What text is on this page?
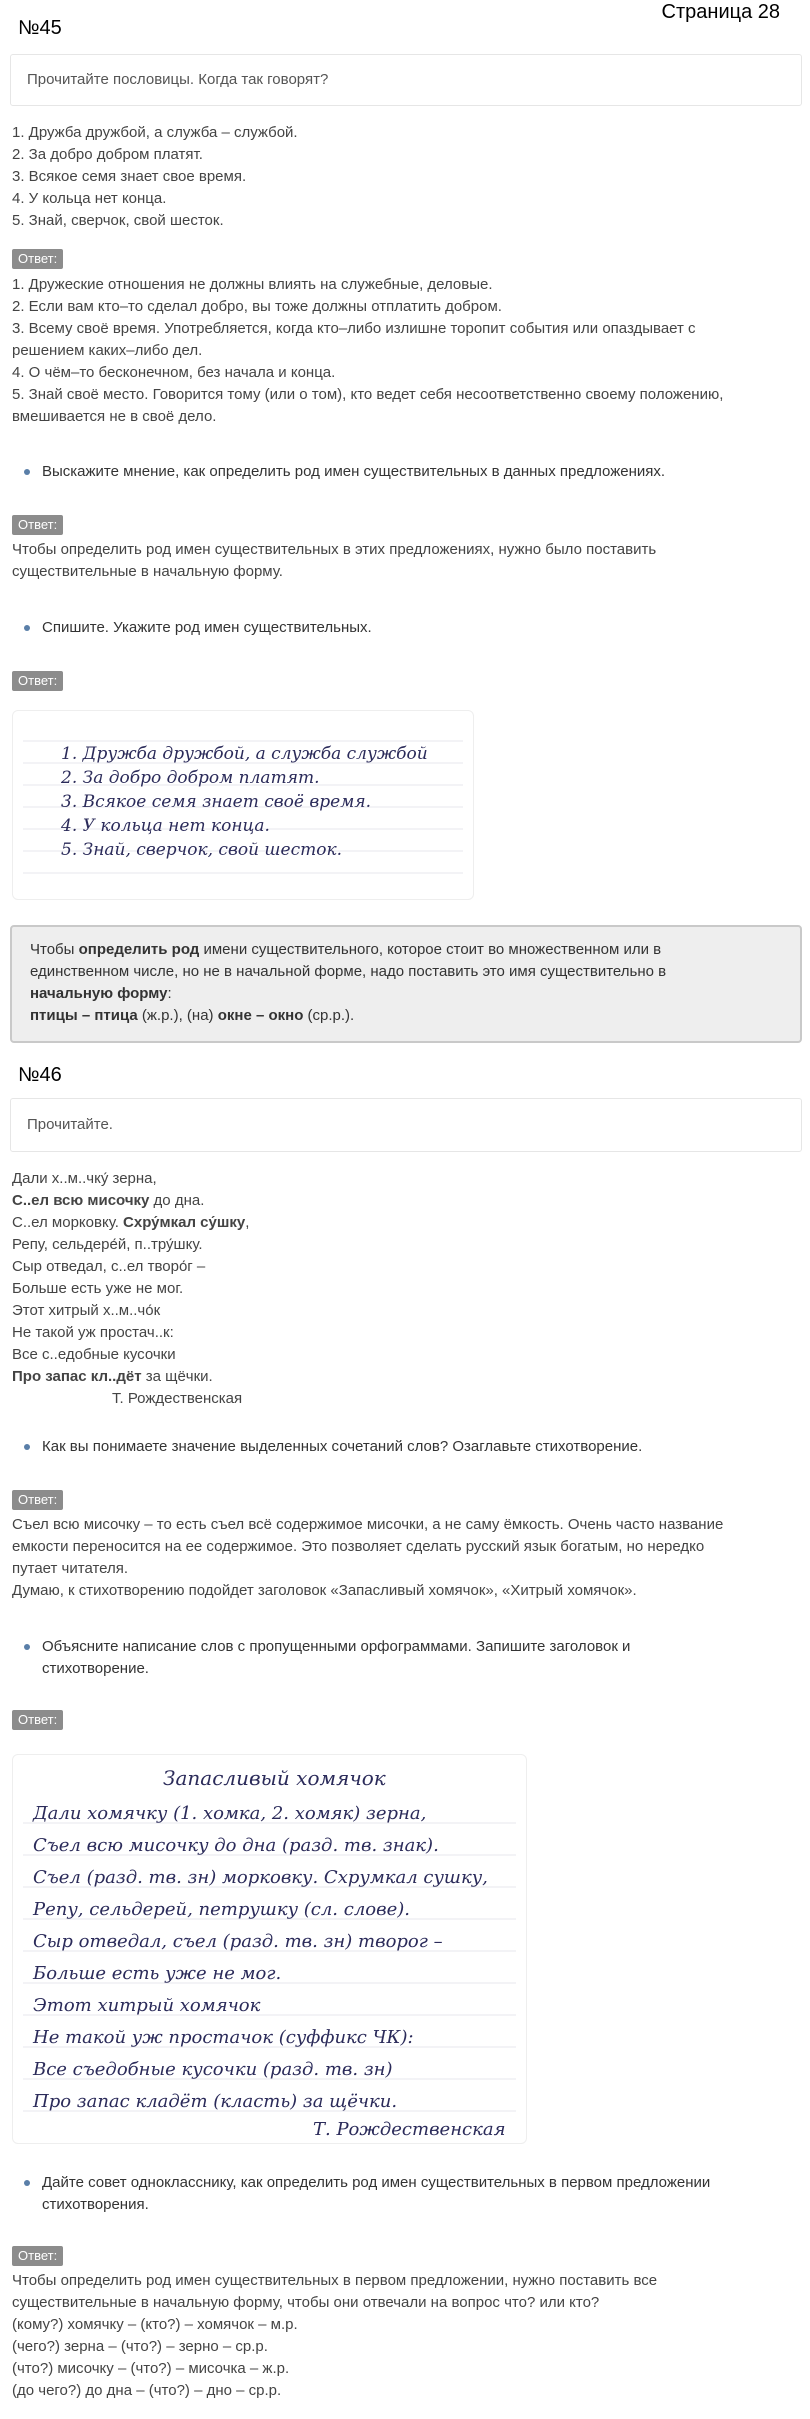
Страница 28
№45
Прочитайте пословицы. Когда так говорят?
1. Дружба дружбой, а служба – службой.
2. За добро добром платят.
3. Всякое семя знает свое время.
4. У кольца нет конца.
5. Знай, сверчок, свой шесток.
Ответ:
1. Дружеские отношения не должны влиять на служебные, деловые.
2. Если вам кто–то сделал добро, вы тоже должны отплатить добром.
3. Всему своё время. Употребляется, когда кто–либо излишне торопит события или опаздывает с
решением каких–либо дел.
4. О чём–то бесконечном, без начала и конца.
5. Знай своё место. Говорится тому (или о том), кто ведет себя несоответственно своему положению,
вмешивается не в своё дело.
Выскажите мнение, как определить род имен существительных в данных предложениях.
Ответ:
Чтобы определить род имен существительных в этих предложениях, нужно было поставить
существительные в начальную форму.
Спишите. Укажите род имен существительных.
Ответ:
1. Дружба дружбой, а служба службой
2. За добро добром платят.
3. Всякое семя знает своё время.
4. У кольца нет конца.
5. Знай, сверчок, свой шесток.
Чтобы определить род имени существительного, которое стоит во множественном или в
единственном числе, но не в начальной форме, надо поставить это имя существительно в
начальную форму:
птицы – птица (ж.р.), (на) окне – окно (ср.р.).
№46
Прочитайте.
Дали х..м..чку́ зерна,
С..ел всю мисочку до дна.
С..ел морковку. Схру́мкал су́шку,
Репу, сельдере́й, п..тру́шку.
Сыр отведал, с..ел творо́г –
Больше есть уже не мог.
Этот хитрый х..м..чо́к
Не такой уж простач..к:
Все с..едобные кусочки
Про запас кл..дёт за щёчки.
Т. Рождественская
Как вы понимаете значение выделенных сочетаний слов? Озаглавьте стихотворение.
Ответ:
Съел всю мисочку – то есть съел всё содержимое мисочки, а не саму ёмкость. Очень часто название
емкости переносится на ее содержимое. Это позволяет сделать русский язык богатым, но нередко
путает читателя.
Думаю, к стихотворению подойдет заголовок «Запасливый хомячок», «Хитрый хомячок».
Объясните написание слов с пропущенными орфограммами. Запишите заголовок и
стихотворение.
Ответ:
Запасливый хомячок
Дали хомячку (1. хомка, 2. хомяк) зерна,
Съел всю мисочку до дна (разд. тв. знак).
Съел (разд. тв. зн) морковку. Схрумкал сушку,
Репу, сельдерей, петрушку (сл. слове).
Сыр отведал, съел (разд. тв. зн) творог –
Больше есть уже не мог.
Этот хитрый хомячок
Не такой уж простачок (суффикс ЧК):
Все съедобные кусочки (разд. тв. зн)
Про запас кладёт (класть) за щёчки.
Т. Рождественская
Дайте совет однокласснику, как определить род имен существительных в первом предложении
стихотворения.
Ответ:
Чтобы определить род имен существительных в первом предложении, нужно поставить все
существительные в начальную форму, чтобы они отвечали на вопрос что? или кто?
(кому?) хомячку – (кто?) – хомячок – м.р.
(чего?) зерна – (что?) – зерно – ср.р.
(что?) мисочку – (что?) – мисочка – ж.р.
(до чего?) до дна – (что?) – дно – ср.р.
